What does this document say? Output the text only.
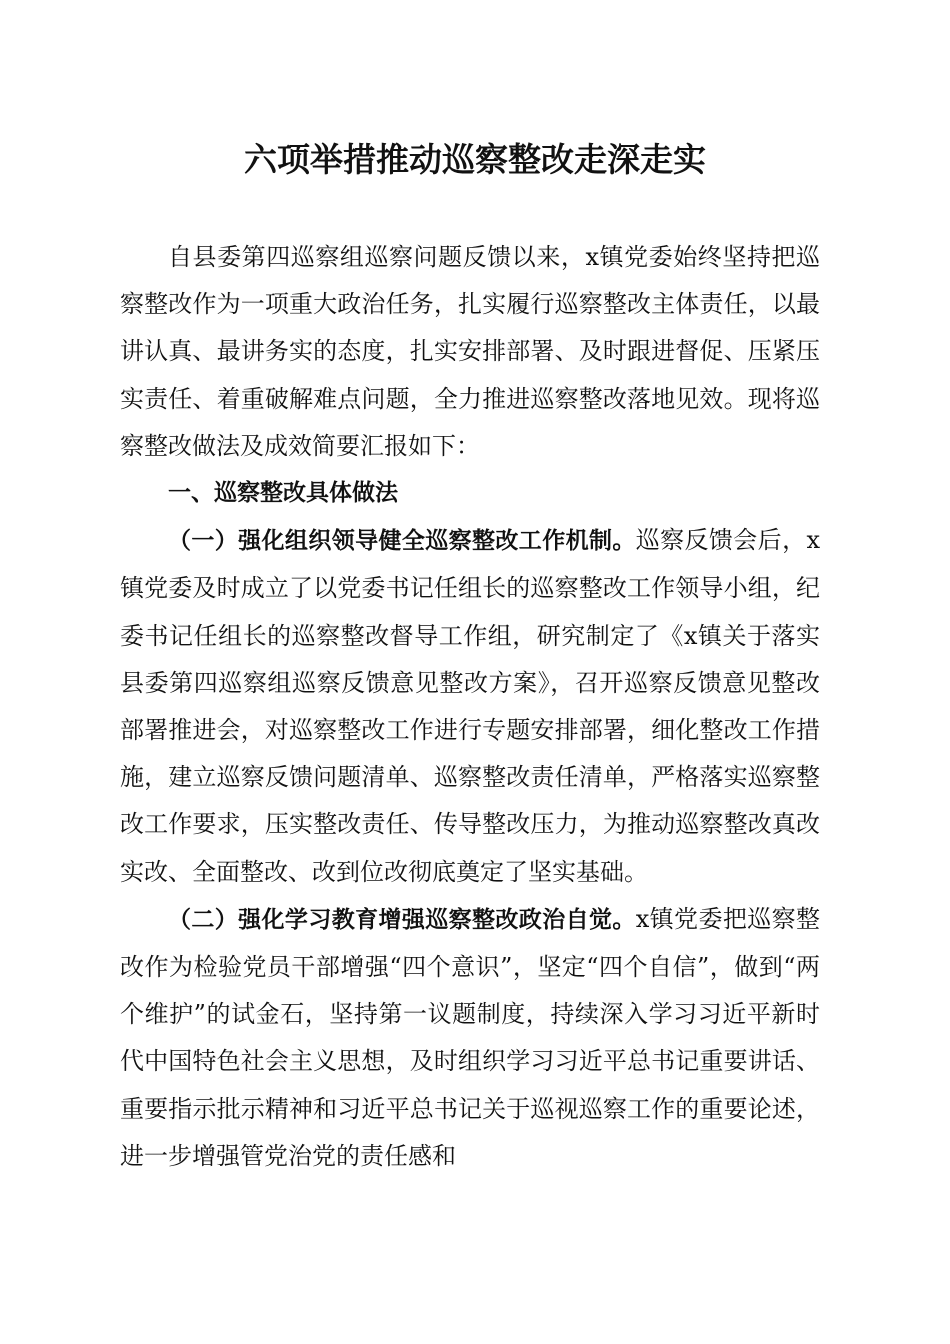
六项举措推动巡察整改走深走实

自县委第四巡察组巡察问题反馈以来，x镇党委始终坚持把巡察整改作为一项重大政治任务，扎实履行巡察整改主体责任，以最讲认真、最讲务实的态度，扎实安排部署、及时跟进督促、压紧压实责任、着重破解难点问题，全力推进巡察整改落地见效。现将巡察整改做法及成效简要汇报如下：

一、巡察整改具体做法

（一）强化组织领导健全巡察整改工作机制。巡察反馈会后，x镇党委及时成立了以党委书记任组长的巡察整改工作领导小组，纪委书记任组长的巡察整改督导工作组，研究制定了《x镇关于落实县委第四巡察组巡察反馈意见整改方案》，召开巡察反馈意见整改部署推进会，对巡察整改工作进行专题安排部署，细化整改工作措施，建立巡察反馈问题清单、巡察整改责任清单，严格落实巡察整改工作要求，压实整改责任、传导整改压力，为推动巡察整改真改实改、全面整改、改到位改彻底奠定了坚实基础。

（二）强化学习教育增强巡察整改政治自觉。x镇党委把巡察整改作为检验党员干部增强“四个意识”，坚定“四个自信”，做到“两个维护”的试金石，坚持第一议题制度，持续深入学习习近平新时代中国特色社会主义思想，及时组织学习习近平总书记重要讲话、重要指示批示精神和习近平总书记关于巡视巡察工作的重要论述，进一步增强管党治党的责任感和
